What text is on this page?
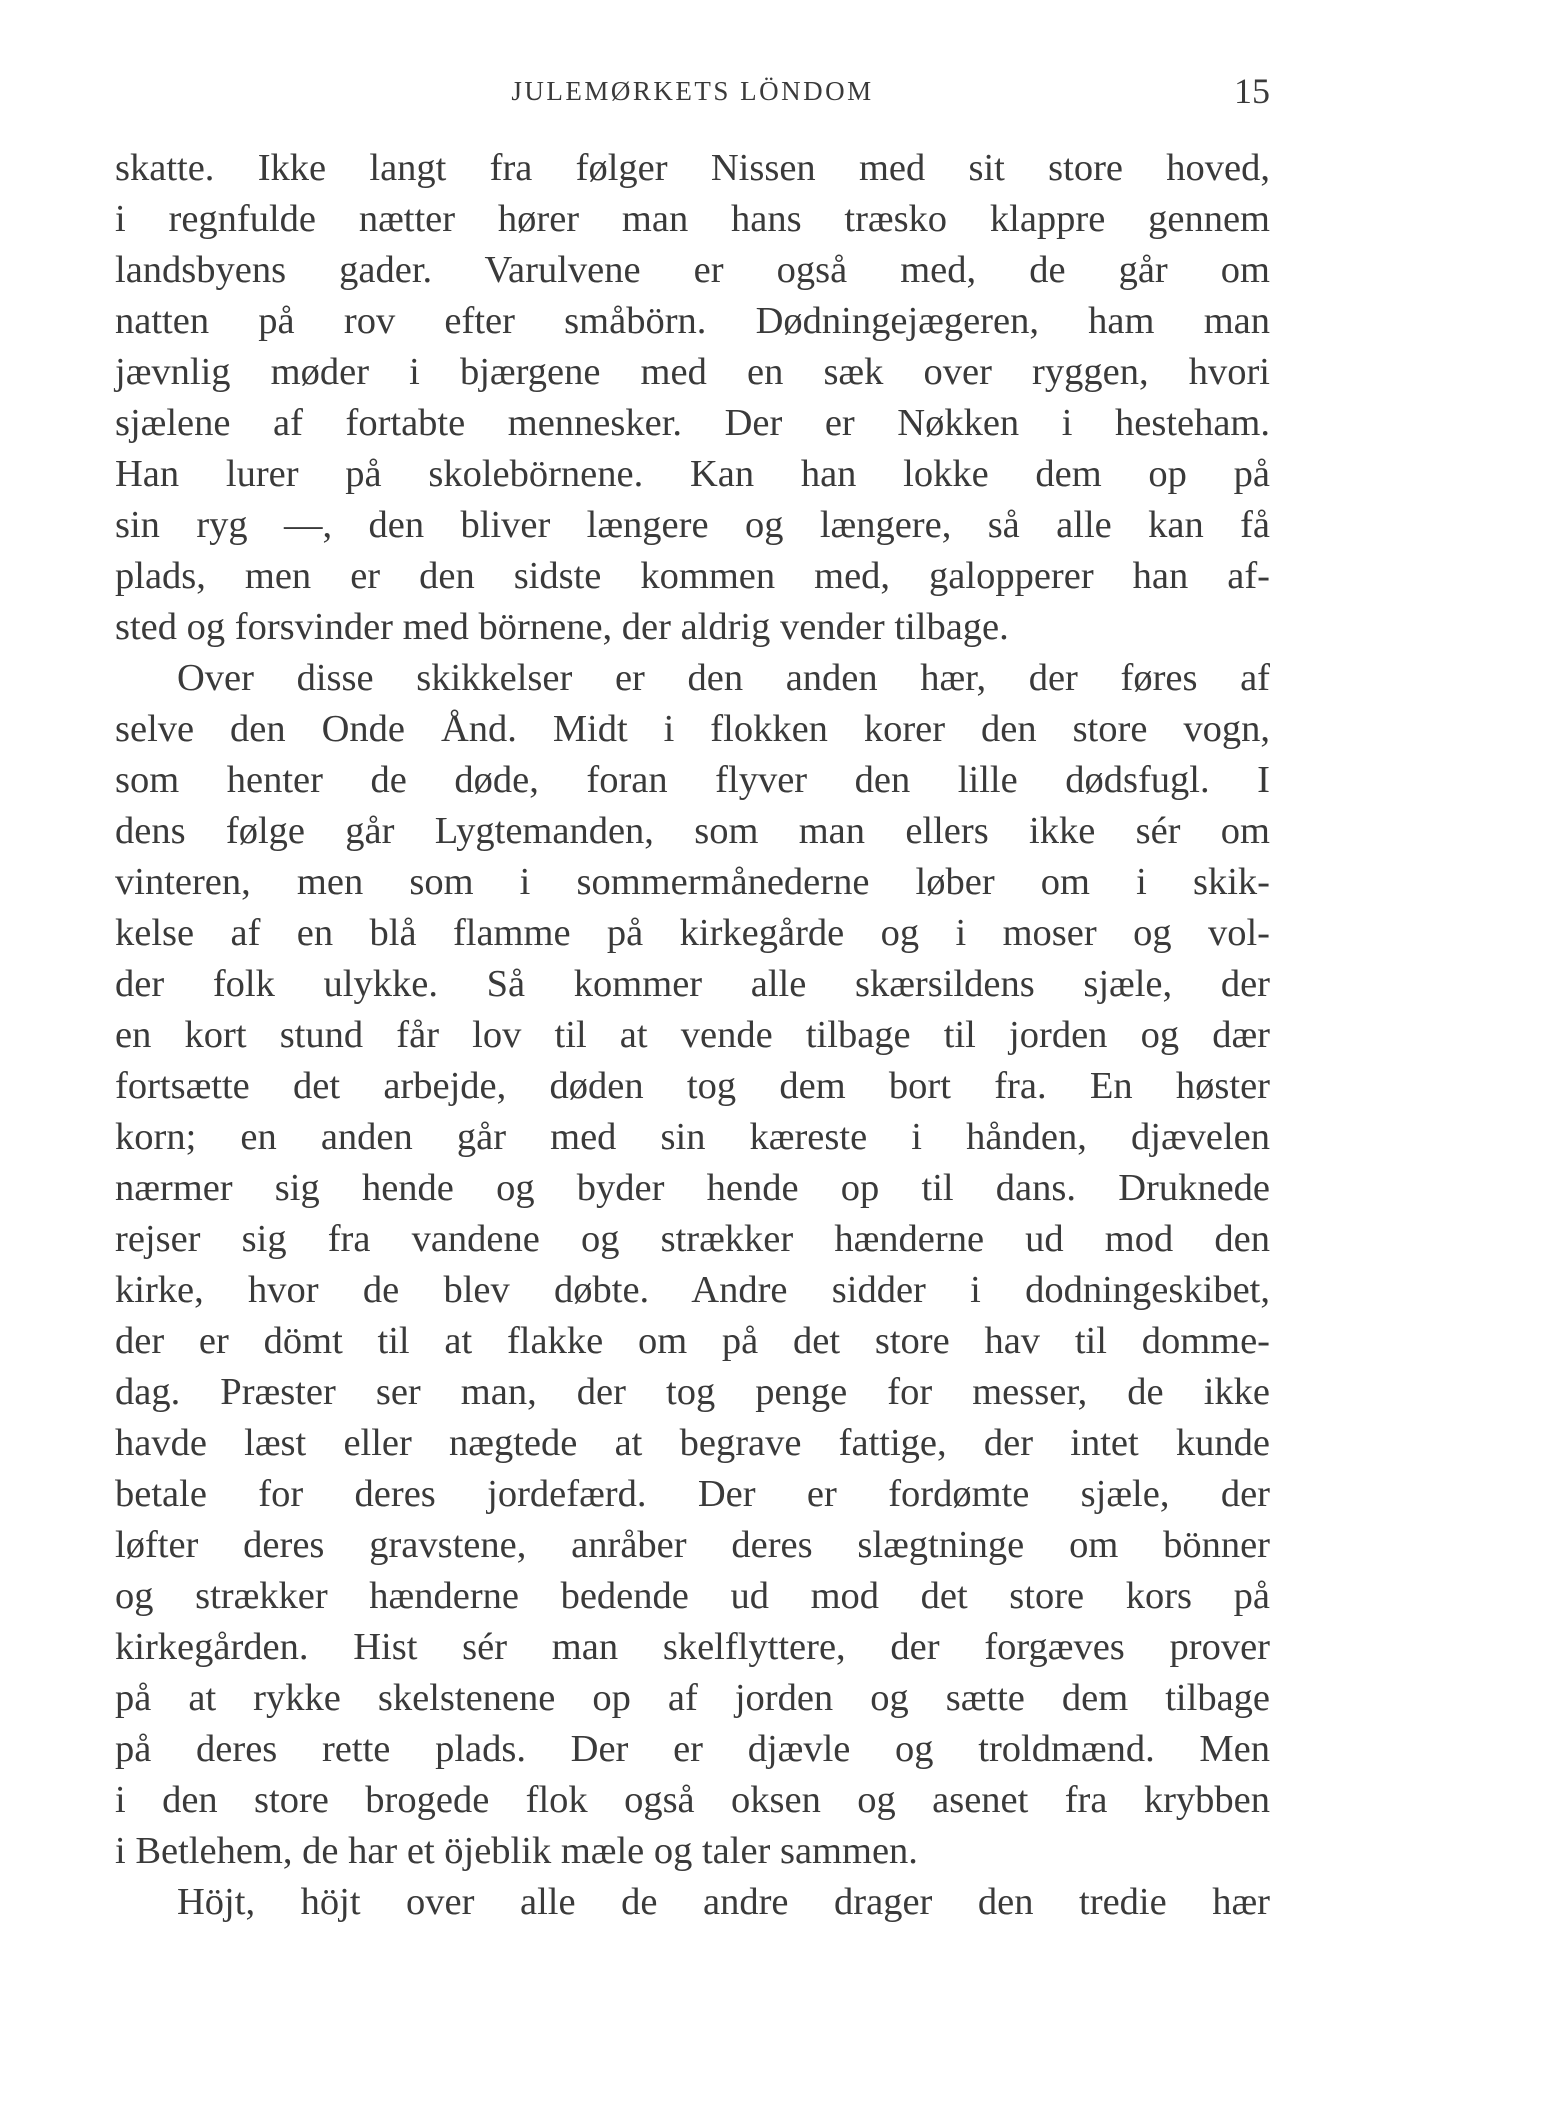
JULEMØRKETS LÖNDOM	15
skatte. Ikke langt fra følger Nissen med sit store hoved,
i regnfulde nætter hører man hans træsko klappre gennem
landsbyens gader. Varulvene er også med, de går om
natten på rov efter småbörn. Dødningejægeren, ham man
jævnlig møder i bjærgene med en sæk over ryggen, hvori
sjælene af fortabte mennesker. Der er Nøkken i hesteham.
Han lurer på skolebörnene. Kan han lokke dem op på
sin ryg —, den bliver længere og længere, så alle kan få
plads, men er den sidste kommen med, galopperer han af-
sted og forsvinder med börnene, der aldrig vender tilbage.
Over disse skikkelser er den anden hær, der føres af
selve den Onde Ånd. Midt i flokken korer den store vogn,
som henter de døde, foran flyver den lille dødsfugl. I
dens følge går Lygtemanden, som man ellers ikke sér om
vinteren, men som i sommermånederne løber om i skik-
kelse af en blå flamme på kirkegårde og i moser og vol-
der folk ulykke. Så kommer alle skærsildens sjæle, der
en kort stund får lov til at vende tilbage til jorden og dær
fortsætte det arbejde, døden tog dem bort fra. En høster
korn; en anden går med sin kæreste i hånden, djævelen
nærmer sig hende og byder hende op til dans. Druknede
rejser sig fra vandene og strækker hænderne ud mod den
kirke, hvor de blev døbte. Andre sidder i dodningeskibet,
der er dömt til at flakke om på det store hav til domme-
dag. Præster ser man, der tog penge for messer, de ikke
havde læst eller nægtede at begrave fattige, der intet kunde
betale for deres jordefærd. Der er fordømte sjæle, der
løfter deres gravstene, anråber deres slægtninge om bönner
og strækker hænderne bedende ud mod det store kors på
kirkegården. Hist sér man skelflyttere, der forgæves prover
på at rykke skelstenene op af jorden og sætte dem tilbage
på deres rette plads. Der er djævle og troldmænd. Men
i den store brogede flok også oksen og asenet fra krybben
i Betlehem, de har et öjeblik mæle og taler sammen.
Höjt, höjt over alle de andre drager den tredie hær
